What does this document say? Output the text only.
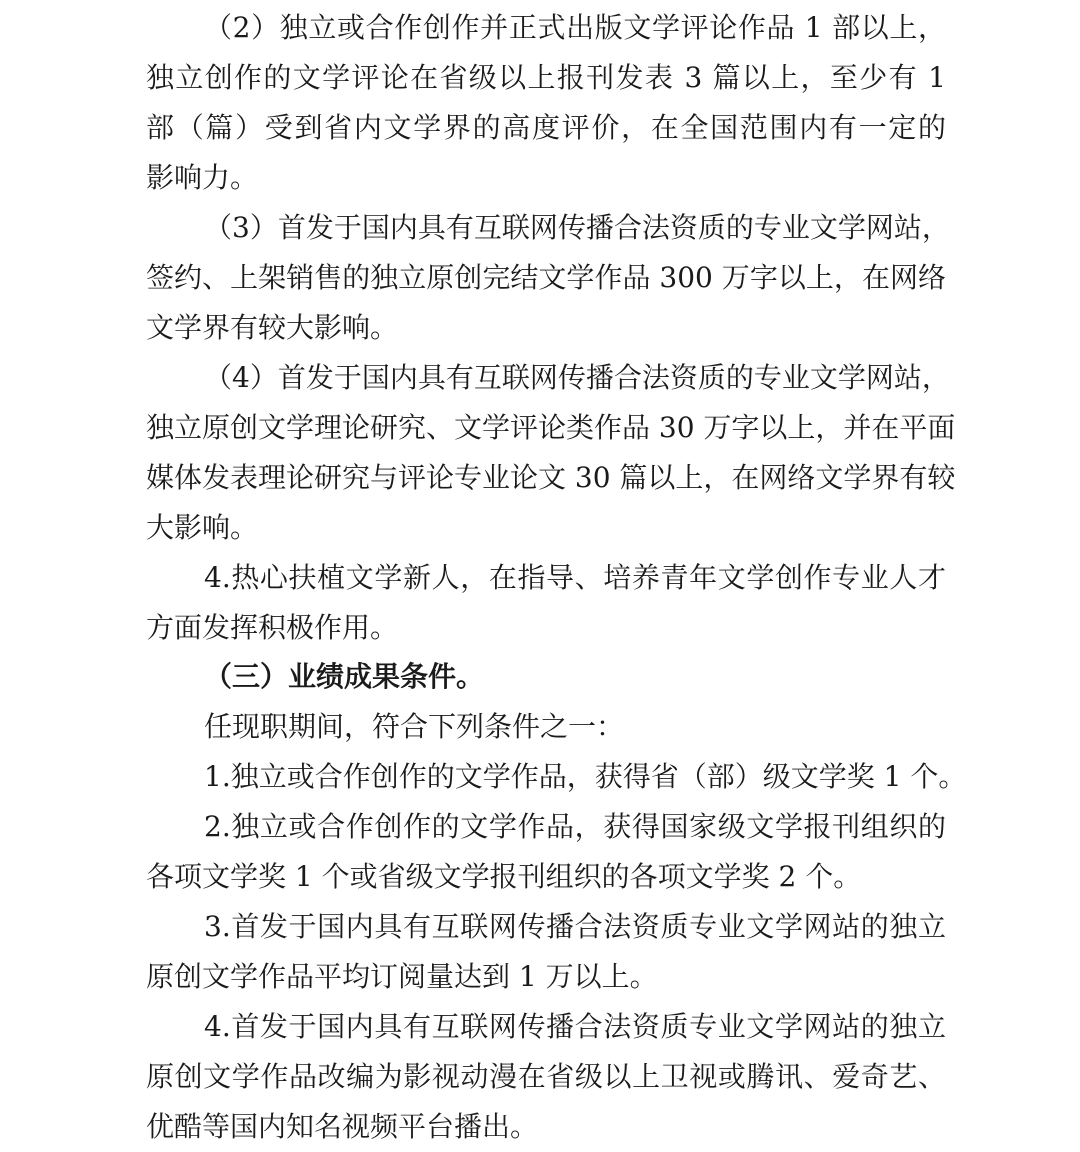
（2）独立或合作创作并正式出版文学评论作品 1 部以上，
独立创作的文学评论在省级以上报刊发表 3 篇以上，至少有 1
部（篇）受到省内文学界的高度评价，在全国范围内有一定的
影响力。
（3）首发于国内具有互联网传播合法资质的专业文学网站，
签约、上架销售的独立原创完结文学作品 300 万字以上，在网络
文学界有较大影响。
（4）首发于国内具有互联网传播合法资质的专业文学网站，
独立原创文学理论研究、文学评论类作品 30 万字以上，并在平面
媒体发表理论研究与评论专业论文 30 篇以上，在网络文学界有较
大影响。
4.热心扶植文学新人，在指导、培养青年文学创作专业人才
方面发挥积极作用。
（三）业绩成果条件。
任现职期间，符合下列条件之一：
1.独立或合作创作的文学作品，获得省（部）级文学奖 1 个。
2.独立或合作创作的文学作品，获得国家级文学报刊组织的
各项文学奖 1 个或省级文学报刊组织的各项文学奖 2 个。
3.首发于国内具有互联网传播合法资质专业文学网站的独立
原创文学作品平均订阅量达到 1 万以上。
4.首发于国内具有互联网传播合法资质专业文学网站的独立
原创文学作品改编为影视动漫在省级以上卫视或腾讯、爱奇艺、
优酷等国内知名视频平台播出。
